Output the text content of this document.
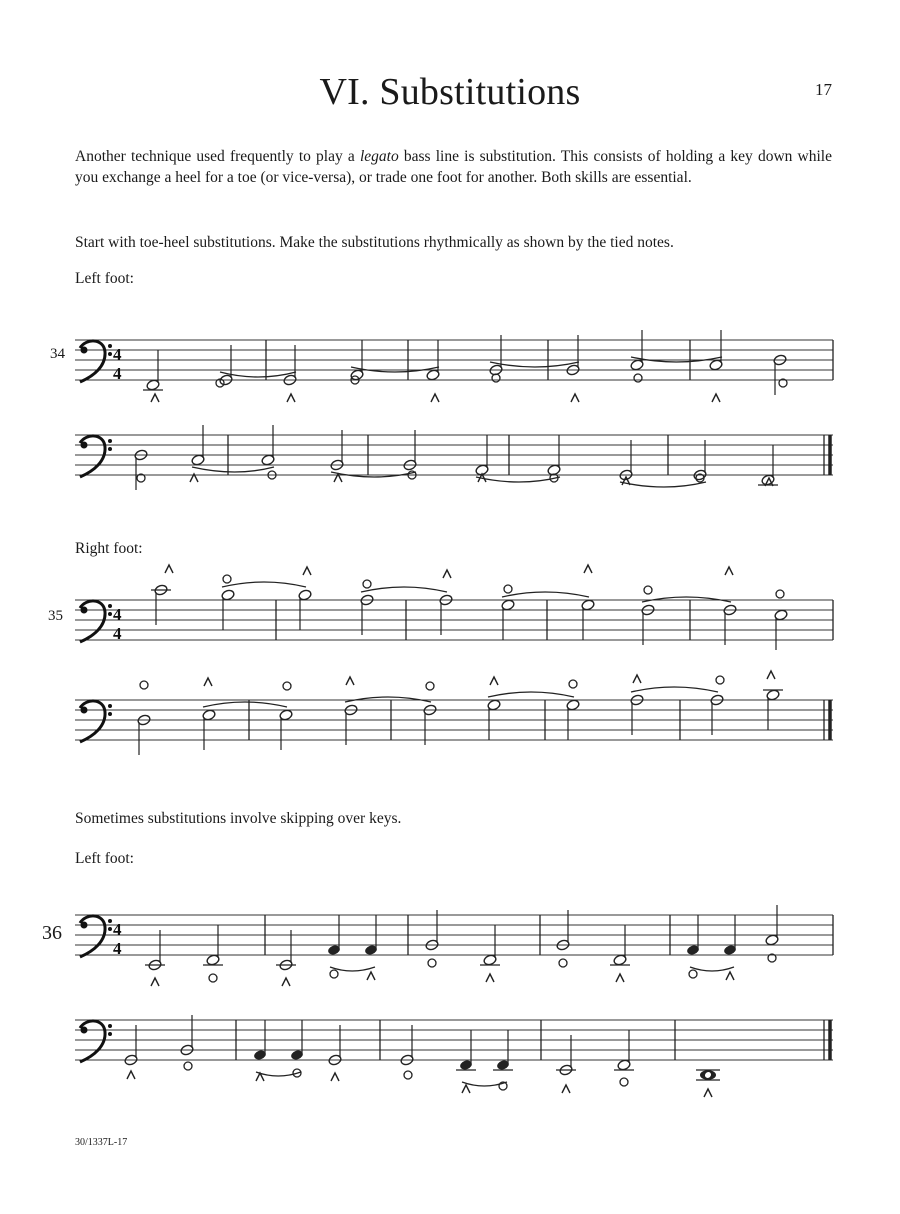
VI. Substitutions	17
Another technique used frequently to play a legato bass line is substitution. This consists of holding a key down while you exchange a heel for a toe (or vice-versa), or trade one foot for another. Both skills are essential.
Start with toe-heel substitutions. Make the substitutions rhythmically as shown by the tied notes.
Left foot:
34	4
4
Right foot:
35	4
4
Sometimes substitutions involve skipping over keys.
Left foot:
36	4
4
30/1337L-17
